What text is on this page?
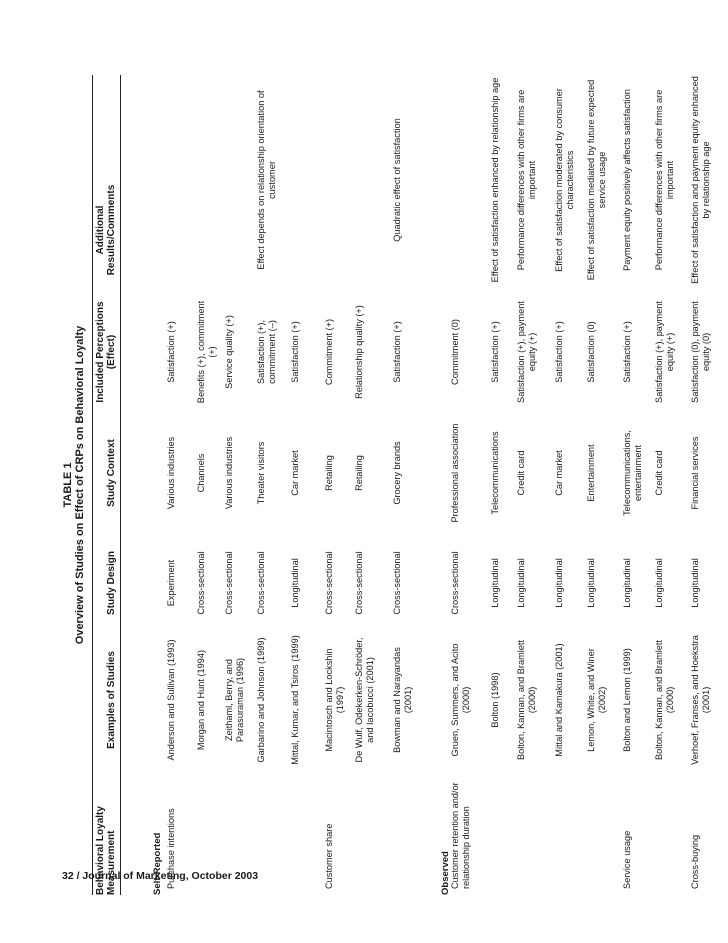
TABLE 1 Overview of Studies on Effect of CRPs on Behavioral Loyalty
Behavioral Loyalty Measurement
Examples of Studies
Study Design
Study Context
Included Perceptions (Effect)
Additional Results/Comments
Purchase intentions
Anderson and Sullivan (1993)
Experiment
Various industries
Satisfaction (+)
Morgan and Hunt (1994)
Cross-sectional
Channels
Benefits (+), commitment (+)
Zeithaml, Berry, and Parasuraman (1996)
Cross-sectional
Various industries
Service quality (+)
Garbarino and Johnson (1999)
Cross-sectional
Theater visitors
Satisfaction (+), commitment (–)
Effect depends on relationship orientation of customer
Mittal, Kumar, and Tsiros (1999)
Longitudinal
Car market
Satisfaction (+)
Customer share
Macintosch and Lockshin (1997)
Cross-sectional
Retailing
Commitment (+)
De Wulf, Odekerken-Schröder, and Iacobucci (2001)
Cross-sectional
Retailing
Relationship quality (+)
Bowman and Narayandas (2001)
Cross-sectional
Grocery brands
Satisfaction (+)
Quadratic effect of satisfaction
Customer retention and/or relationship duration
Gruen, Summers, and Acito (2000)
Cross-sectional
Professional association
Commitment (0)
Bolton (1998)
Longitudinal
Telecommunications
Satisfaction (+)
Effect of satisfaction enhanced by relationship age
Bolton, Kannan, and Bramlett (2000)
Longitudinal
Credit card
Satisfaction (+), payment equity (+)
Performance differences with other firms are important
Mittal and Kamakura (2001)
Longitudinal
Car market
Satisfaction (+)
Effect of satisfaction moderated by consumer characteristics
Lemon, White, and Winer (2002)
Longitudinal
Entertainment
Satisfaction (0)
Effect of satisfaction mediated by future expected service usage
Service usage
Bolton and Lemon (1999)
Longitudinal
Telecommunications, entertainment
Satisfaction (+)
Payment equity positively affects satisfaction
Bolton, Kannan, and Bramlett (2000)
Longitudinal
Credit card
Satisfaction (+), payment equity (+)
Performance differences with other firms are important
Cross-buying
Verhoef, Franses, and Hoekstra (2001)
Longitudinal
Financial services
Satisfaction (0), payment equity (0)
Effect of satisfaction and payment equity enhanced by relationship age
Self-Reported	Observed
32 / Journal of Marketing, October 2003
